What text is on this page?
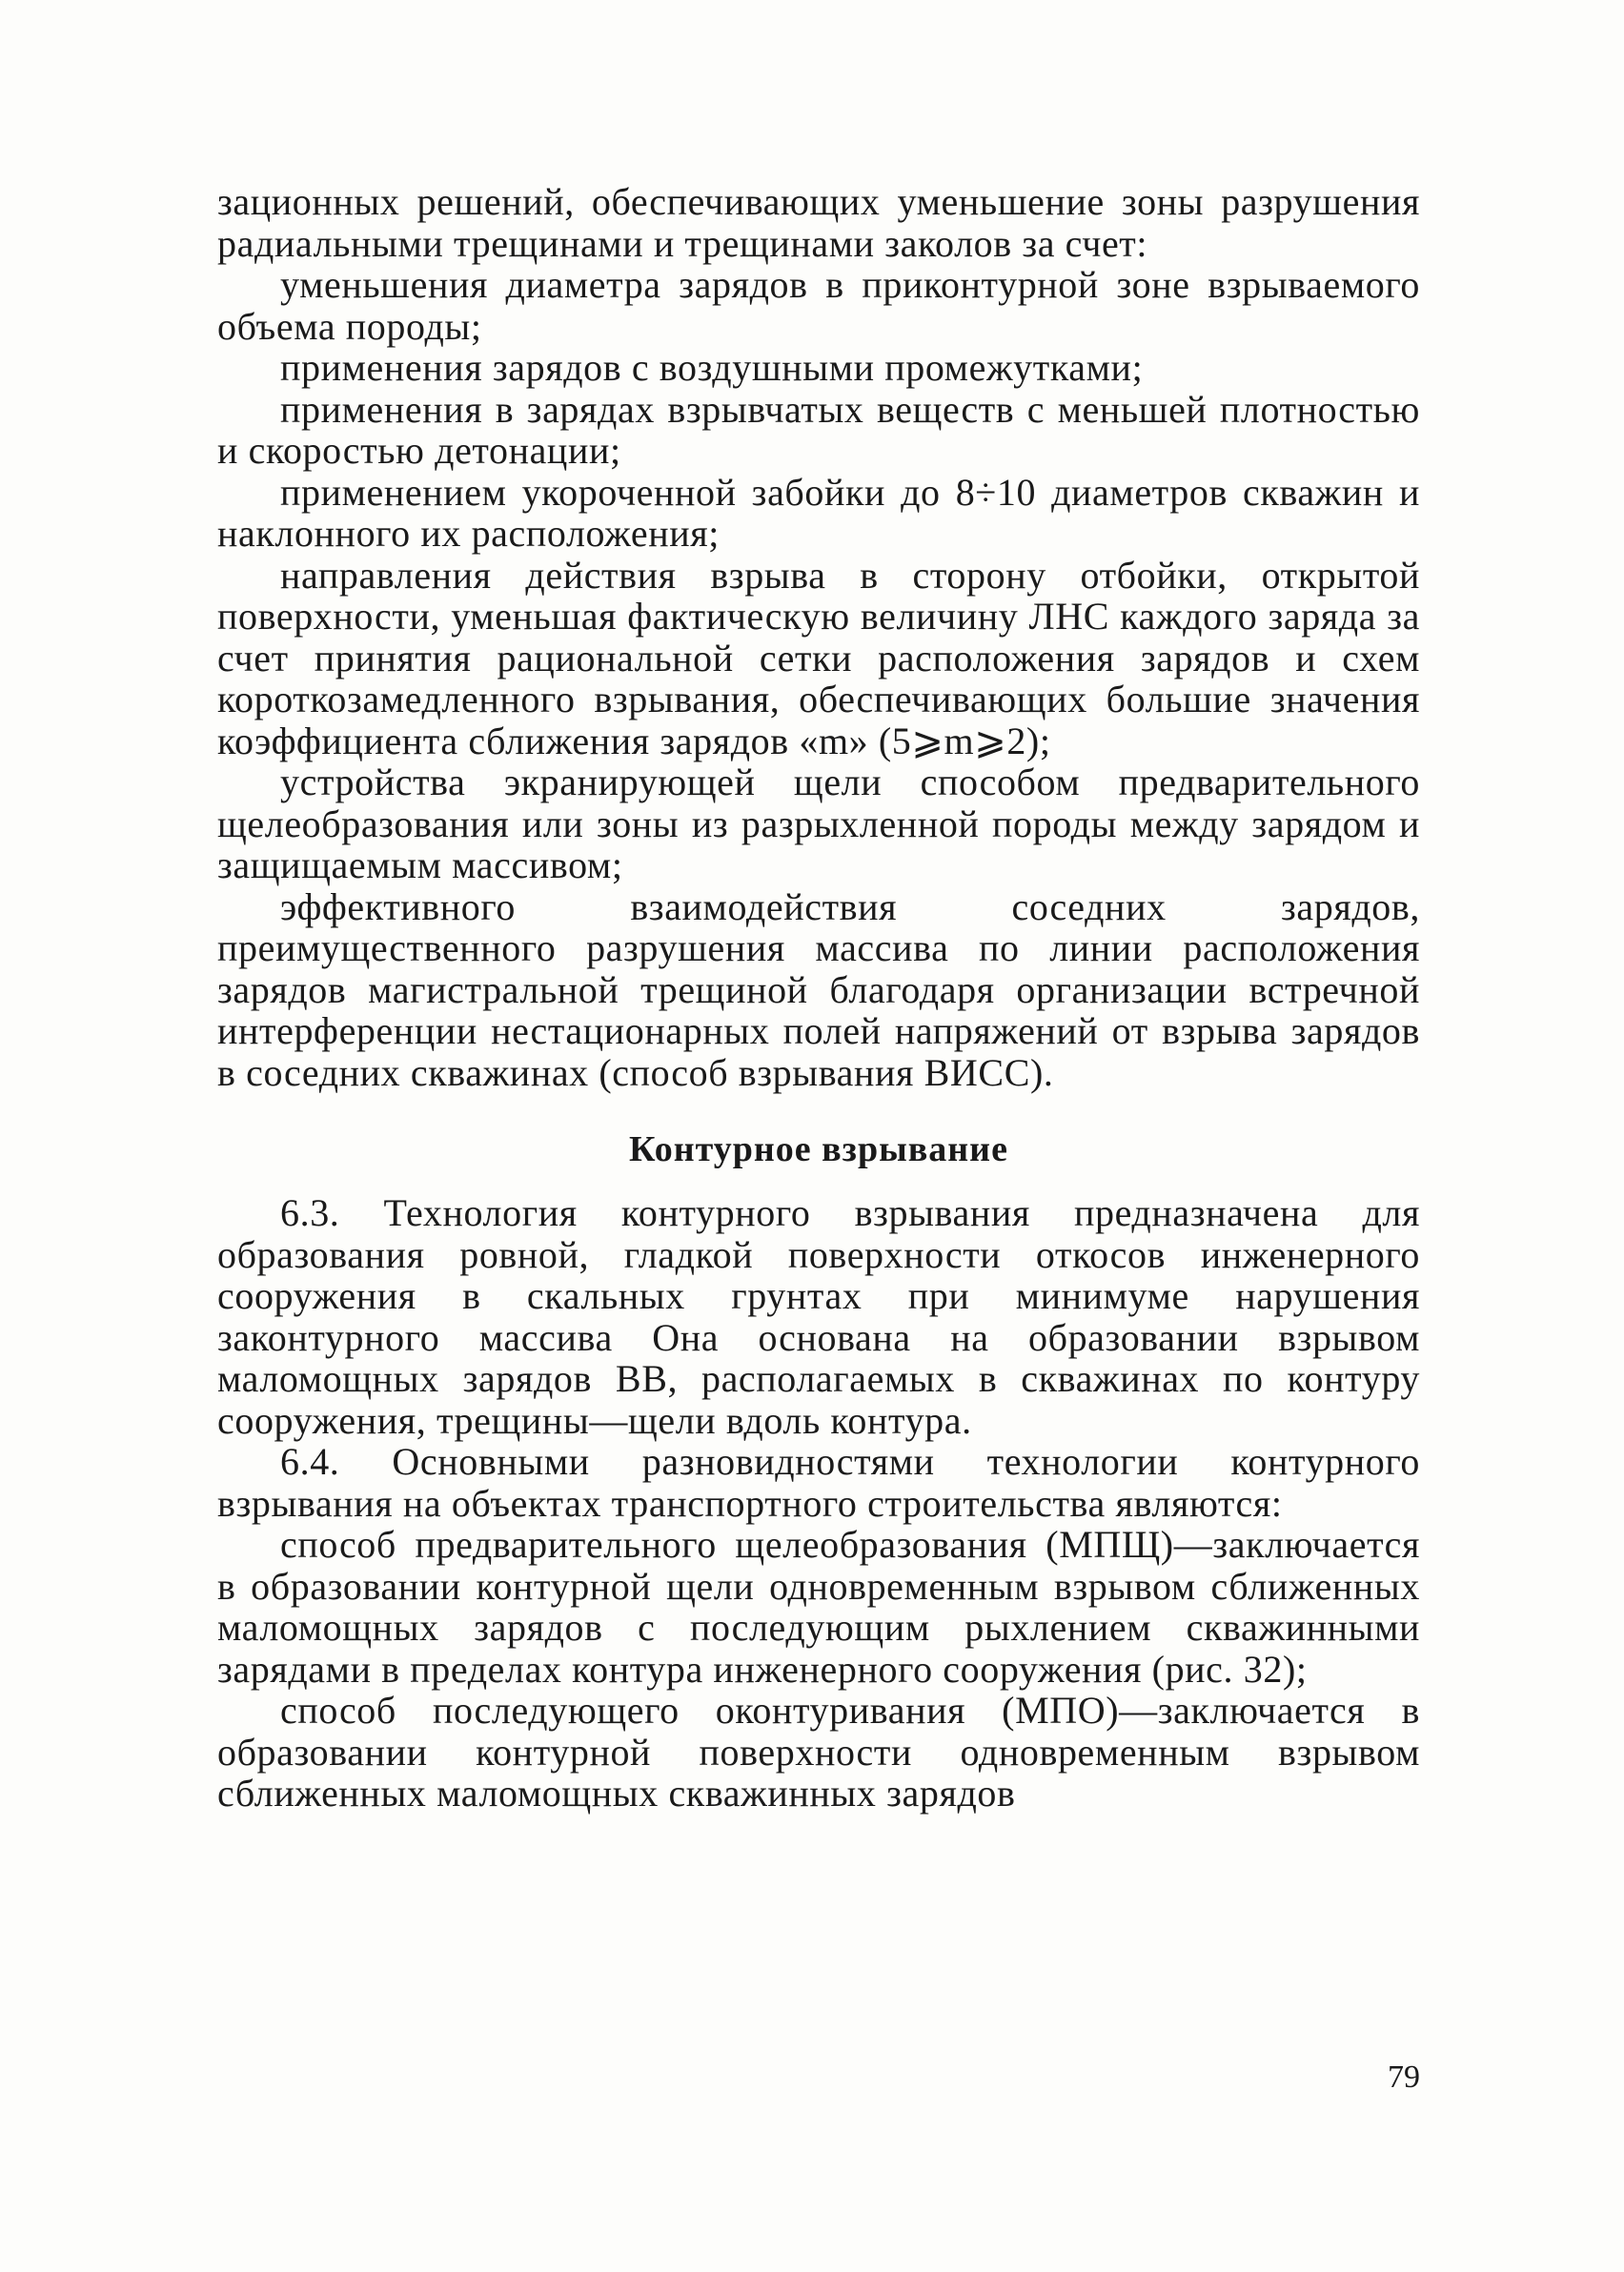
зационных решений, обеспечивающих уменьшение зоны разрушения радиальными трещинами и трещинами заколов за счет:

уменьшения диаметра зарядов в приконтурной зоне взрываемого объема породы;

применения зарядов с воздушными промежутками;

применения в зарядах взрывчатых веществ с меньшей плотностью и скоростью детонации;

применением укороченной забойки до 8÷10 диаметров скважин и наклонного их расположения;

направления действия взрыва в сторону отбойки, открытой поверхности, уменьшая фактическую величину ЛНС каждого заряда за счет принятия рациональной сетки расположения зарядов и схем короткозамедленного взрывания, обеспечивающих большие значения коэффициента сближения зарядов «m» (5⩾m⩾2);

устройства экранирующей щели способом предварительного щелеобразования или зоны из разрыхленной породы между зарядом и защищаемым массивом;

эффективного взаимодействия соседних зарядов, преимущественного разрушения массива по линии расположения зарядов магистральной трещиной благодаря организации встречной интерференции нестационарных полей напряжений от взрыва зарядов в соседних скважинах (способ взрывания ВИСС).

Контурное взрывание

6.3. Технология контурного взрывания предназначена для образования ровной, гладкой поверхности откосов инженерного сооружения в скальных грунтах при минимуме нарушения законтурного массива Она основана на образовании взрывом маломощных зарядов ВВ, располагаемых в скважинах по контуру сооружения, трещины—щели вдоль контура.

6.4. Основными разновидностями технологии контурного взрывания на объектах транспортного строительства являются:

способ предварительного щелеобразования (МПЩ)—заключается в образовании контурной щели одновременным взрывом сближенных маломощных зарядов с последующим рыхлением скважинными зарядами в пределах контура инженерного сооружения (рис. 32);

способ последующего оконтуривания (МПО)—заключается в образовании контурной поверхности одновременным взрывом сближенных маломощных скважинных зарядов

79
